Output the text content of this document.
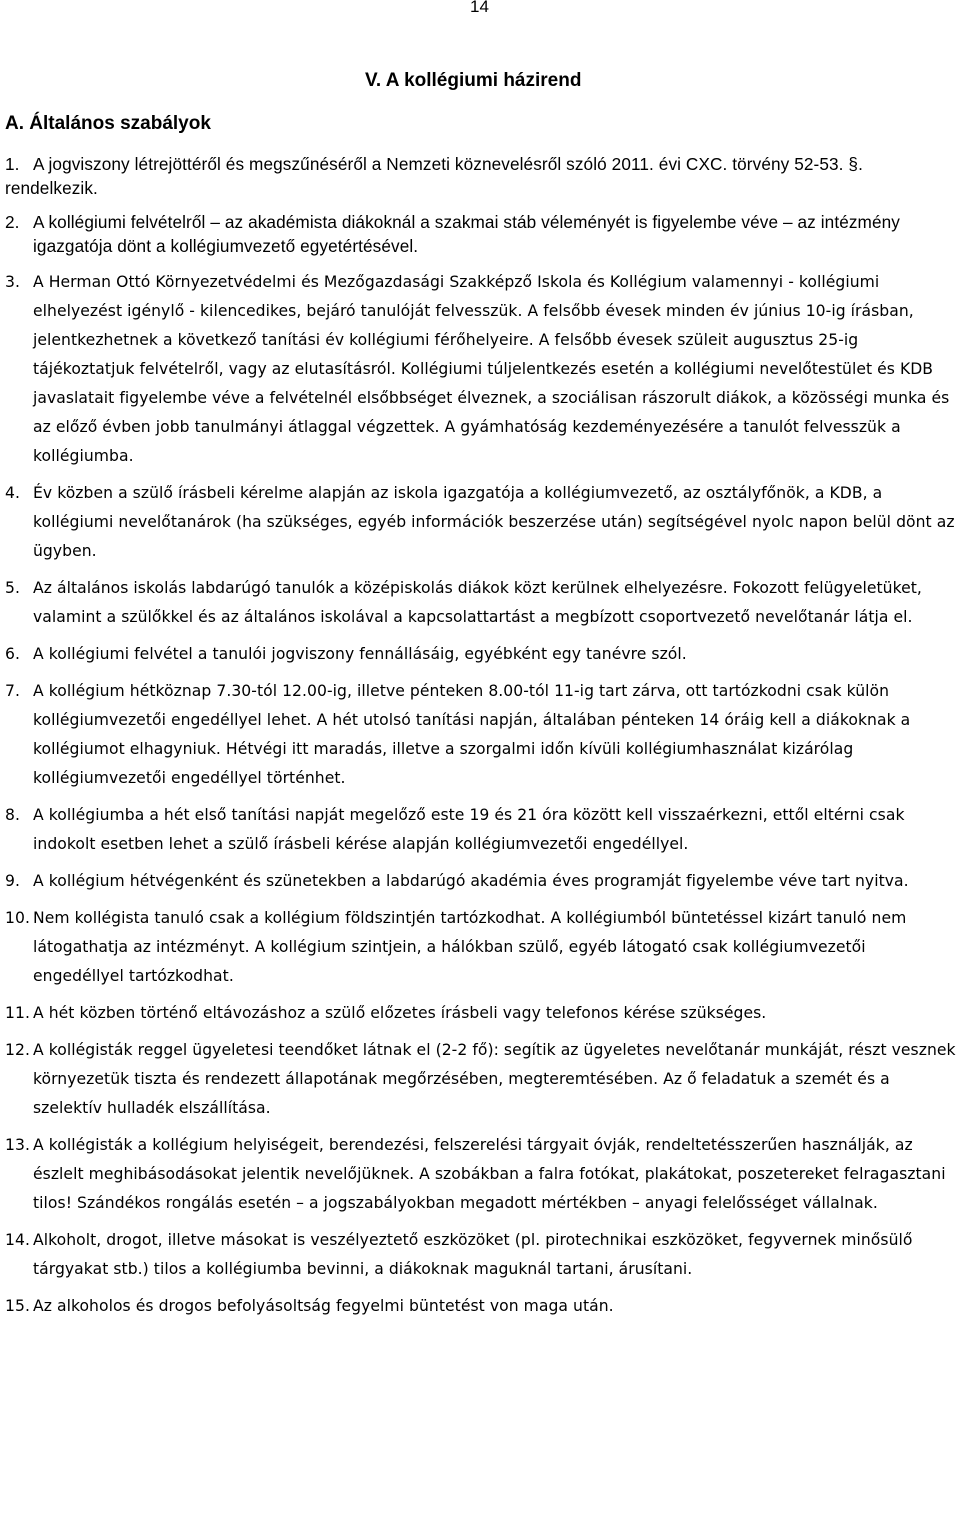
14
V. A kollégiumi házirend
A. Általános szabályok
1. A jogviszony létrejöttéről és megszűnéséről a Nemzeti köznevelésről szóló 2011. évi CXC. törvény 52-53. §. rendelkezik.
2. A kollégiumi felvételről – az akadémista diákoknál a szakmai stáb véleményét is figyelembe véve – az intézmény igazgatója dönt a kollégiumvezető egyetértésével.
3. A Herman Ottó Környezetvédelmi és Mezőgazdasági Szakképző Iskola és Kollégium valamennyi - kollégiumi elhelyezést igénylő - kilencedikes, bejáró tanulóját felvesszük. A felsőbb évesek minden év június 10-ig írásban, jelentkezhetnek a következő tanítási év kollégiumi férőhelyeire. A felsőbb évesek szüleit augusztus 25-ig tájékoztatjuk felvételről, vagy az elutasításról. Kollégiumi túljelentkezés esetén a kollégiumi nevelőtestület és KDB javaslatait figyelembe véve a felvételnél elsőbbséget élveznek, a szociálisan rászorult diákok, a közösségi munka és az előző évben jobb tanulmányi átlaggal végzettek. A gyámhatóság kezdeményezésére a tanulót felvesszük a kollégiumba.
4. Év közben a szülő írásbeli kérelme alapján az iskola igazgatója a kollégiumvezető, az osztályfőnök, a KDB, a kollégiumi nevelőtanárok (ha szükséges, egyéb információk beszerzése után) segítségével nyolc napon belül dönt az ügyben.
5. Az általános iskolás labdarúgó tanulók a középiskolás diákok közt kerülnek elhelyezésre. Fokozott felügyeletüket, valamint a szülőkkel és az általános iskolával a kapcsolattartást a megbízott csoportvezető nevelőtanár látja el.
6. A kollégiumi felvétel a tanulói jogviszony fennállásáig, egyébként egy tanévre szól.
7. A kollégium hétköznap 7.30-tól 12.00-ig, illetve pénteken 8.00-tól 11-ig tart zárva, ott tartózkodni csak külön kollégiumvezetői engedéllyel lehet. A hét utolsó tanítási napján, általában pénteken 14 óráig kell a diákoknak a kollégiumot elhagyniuk. Hétvégi itt maradás, illetve a szorgalmi időn kívüli kollégiumhasználat kizárólag kollégiumvezetői engedéllyel történhet.
8. A kollégiumba a hét első tanítási napját megelőző este 19 és 21 óra között kell visszaérkezni, ettől eltérni csak indokolt esetben lehet a szülő írásbeli kérése alapján kollégiumvezetői engedéllyel.
9. A kollégium hétvégenként és szünetekben a labdarúgó akadémia éves programját figyelembe véve tart nyitva.
10. Nem kollégista tanuló csak a kollégium földszintjén tartózkodhat. A kollégiumból büntetéssel kizárt tanuló nem látogathatja az intézményt. A kollégium szintjein, a hálókban szülő, egyéb látogató csak kollégiumvezetői engedéllyel tartózkodhat.
11. A hét közben történő eltávozáshoz a szülő előzetes írásbeli vagy telefonos kérése szükséges.
12. A kollégisták reggel ügyeletesi teendőket látnak el (2-2 fő): segítik az ügyeletes nevelőtanár munkáját, részt vesznek környezetük tiszta és rendezett állapotának megőrzésében, megteremtésében. Az ő feladatuk a szemét és a szelektív hulladék elszállítása.
13. A kollégisták a kollégium helyiségeit, berendezési, felszerelési tárgyait óvják, rendeltetésszerűen használják, az észlelt meghibásodásokat jelentik nevelőjüknek. A szobákban a falra fotókat, plakátokat, poszetereket felragasztani tilos! Szándékos rongálás esetén – a jogszabályokban megadott mértékben – anyagi felelősséget vállalnak.
14. Alkoholt, drogot, illetve másokat is veszélyeztető eszközöket (pl. pirotechnikai eszközöket, fegyvernek minősülő tárgyakat stb.) tilos a kollégiumba bevinni, a diákoknak maguknál tartani, árusítani.
15. Az alkoholos és drogos befolyásoltság fegyelmi büntetést von maga után.
